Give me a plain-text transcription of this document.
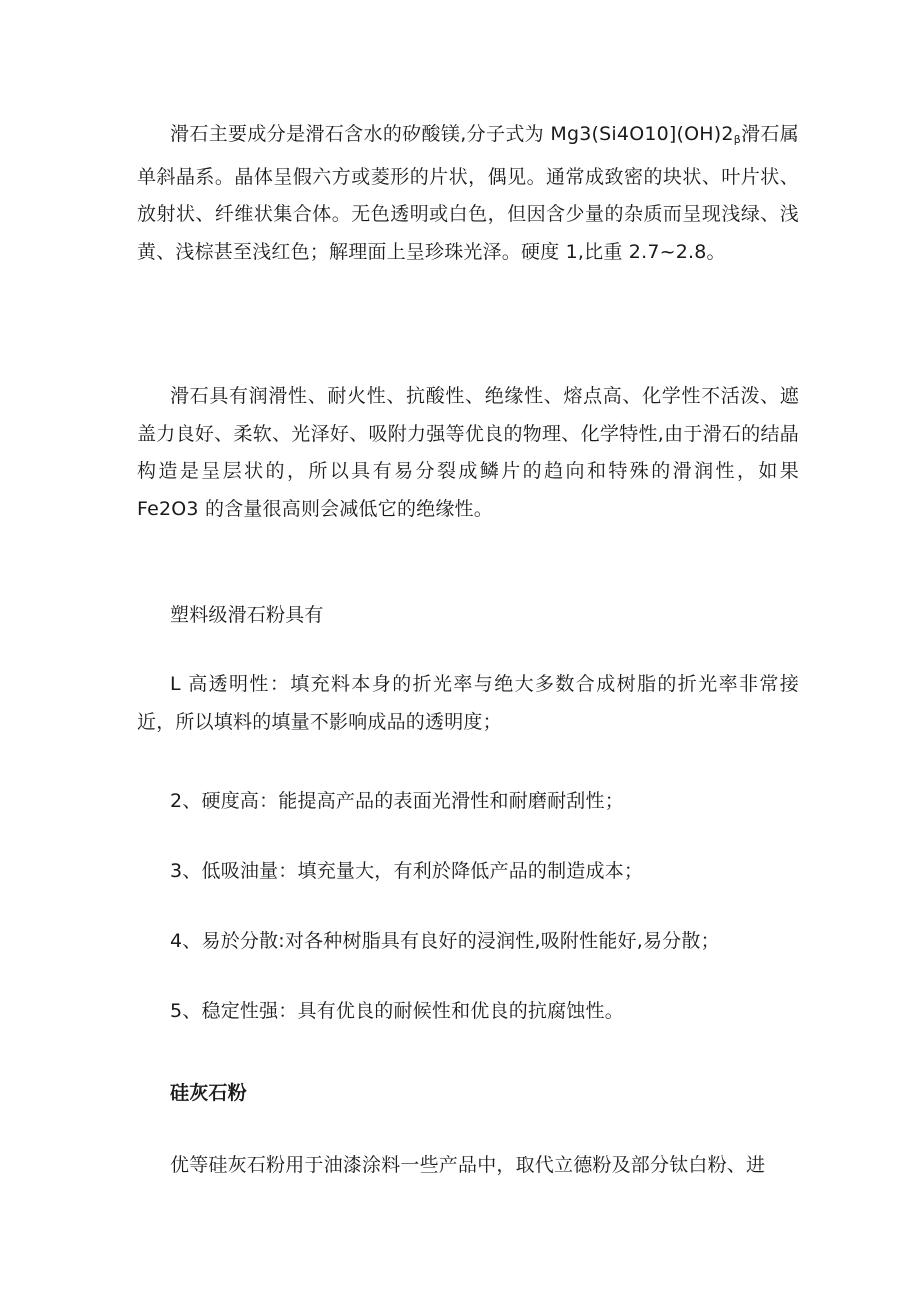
滑石主要成分是滑石含水的矽酸镁,分子式为 $Mg3(Si4O10](OH)2_\beta$滑石属单斜晶系。晶体呈假六方或菱形的片状，偶见。通常成致密的块状、叶片状、放射状、纤维状集合体。无色透明或白色，但因含少量的杂质而呈现浅绿、浅黄、浅棕甚至浅红色；解理面上呈珍珠光泽。硬度 1,比重 2.7~2.8。

滑石具有润滑性、耐火性、抗酸性、绝缘性、熔点高、化学性不活泼、遮盖力良好、柔软、光泽好、吸附力强等优良的物理、化学特性,由于滑石的结晶构造是呈层状的，所以具有易分裂成鳞片的趋向和特殊的滑润性，如果 Fe2O3 的含量很高则会减低它的绝缘性。

塑料级滑石粉具有

L 高透明性：填充料本身的折光率与绝大多数合成树脂的折光率非常接近，所以填料的填量不影响成品的透明度；

2、硬度高：能提高产品的表面光滑性和耐磨耐刮性；

3、低吸油量：填充量大，有利於降低产品的制造成本；

4、易於分散:对各种树脂具有良好的浸润性,吸附性能好,易分散；

5、稳定性强：具有优良的耐候性和优良的抗腐蚀性。

硅灰石粉

优等硅灰石粉用于油漆涂料一些产品中，取代立德粉及部分钛白粉、进
